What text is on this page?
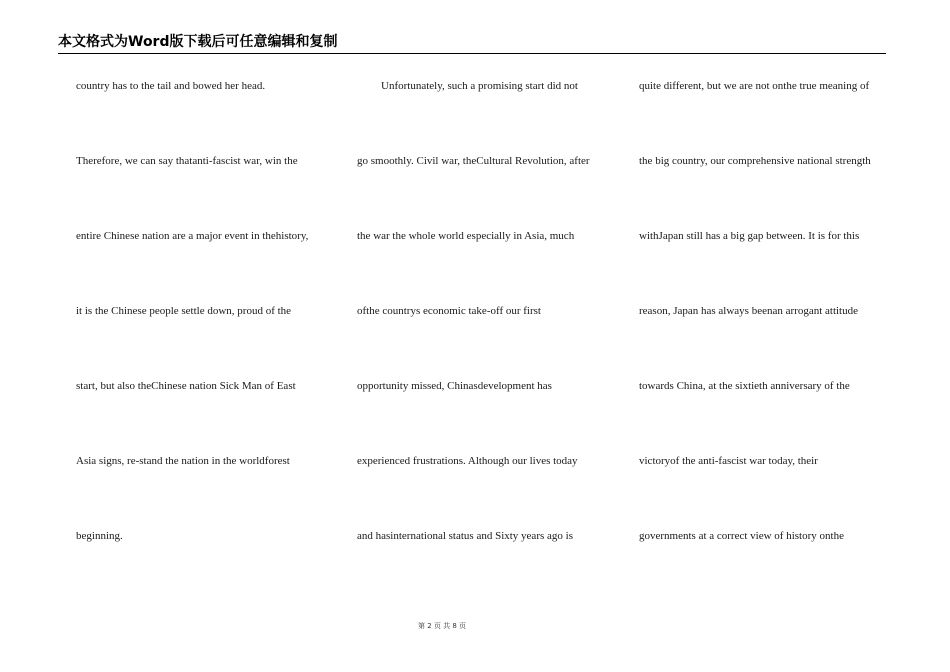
本文格式为Word版下载后可任意编辑和复制
country has to the tail and bowed her head.
Therefore, we can say thatanti-fascist war, win the
entire Chinese nation are a major event in thehistory,
it is the Chinese people settle down, proud of the
start, but also theChinese nation Sick Man of East
Asia signs, re-stand the nation in the worldforest
beginning.
Unfortunately, such a promising start did not
go smoothly. Civil war, theCultural Revolution, after
the war the whole world especially in Asia, much
ofthe countrys economic take-off our first
opportunity missed, Chinasdevelopment has
experienced frustrations. Although our lives today
and hasinternational status and Sixty years ago is
quite different, but we are not onthe true meaning of
the big country, our comprehensive national strength
withJapan still has a big gap between. It is for this
reason, Japan has always beenan arrogant attitude
towards China, at the sixtieth anniversary of the
victoryof the anti-fascist war today, their
governments at a correct view of history onthe
第 2 页 共 8 页
